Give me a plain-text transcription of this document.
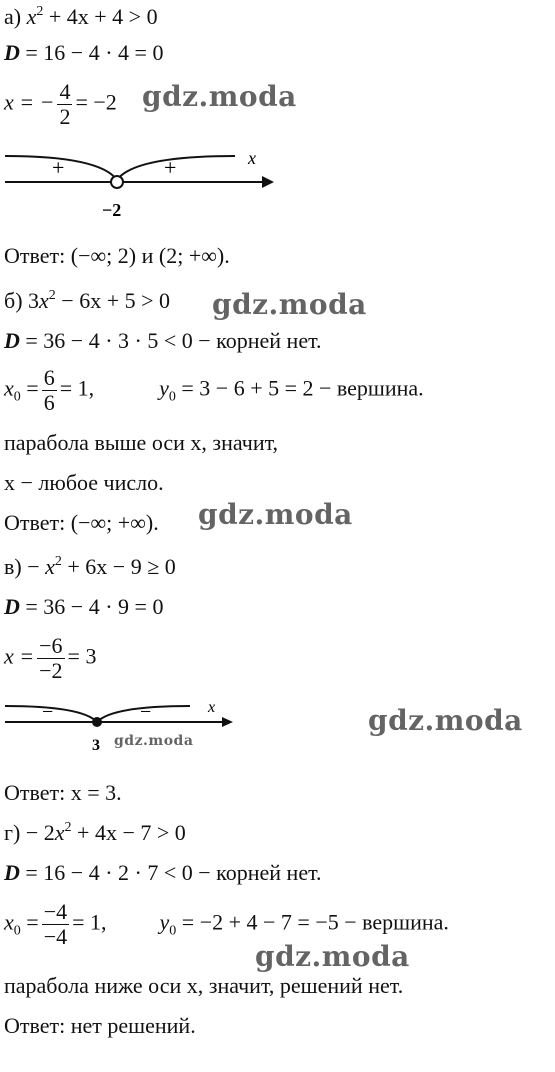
а) $x^2 + 4x + 4 > 0$
D = 16 − 4 · 4 = 0
x = − $\frac{4}{2} = -2$ gdz.moda
+	+	x
−2
Ответ: (−∞; 2) и (2; +∞).
б) $3x^2 - 6x + 5 > 0$ gdz.moda
D = 36 − 4 · 3 · 5 < 0 − корней нет.
$x_0 = \frac{6}{6} = 1$,	$y_0 = 3 - 6 + 5 = 2$ − вершина.
парабола выше оси x, значит,
x − любое число.
Ответ: (−∞; +∞). gdz.moda
$в) - x^2 + 6x - 9 \ge 0$
D = 36 − 4 · 9 = 0
$x = \frac{-6}{-2} = 3$
−	−	x
3 gdz.moda
gdz.moda
Ответ: x = 3.
$г) - 2x^2 + 4x - 7 > 0$
D = 16 − 4 · 2 · 7 < 0 − корней нет.
$x_0 = \frac{-4}{-4} = 1$, $y_0 = -2 + 4 - 7 = -5$ − вершина.
gdz.moda
парабола ниже оси x, значит, решений нет.
Ответ: нет решений.
